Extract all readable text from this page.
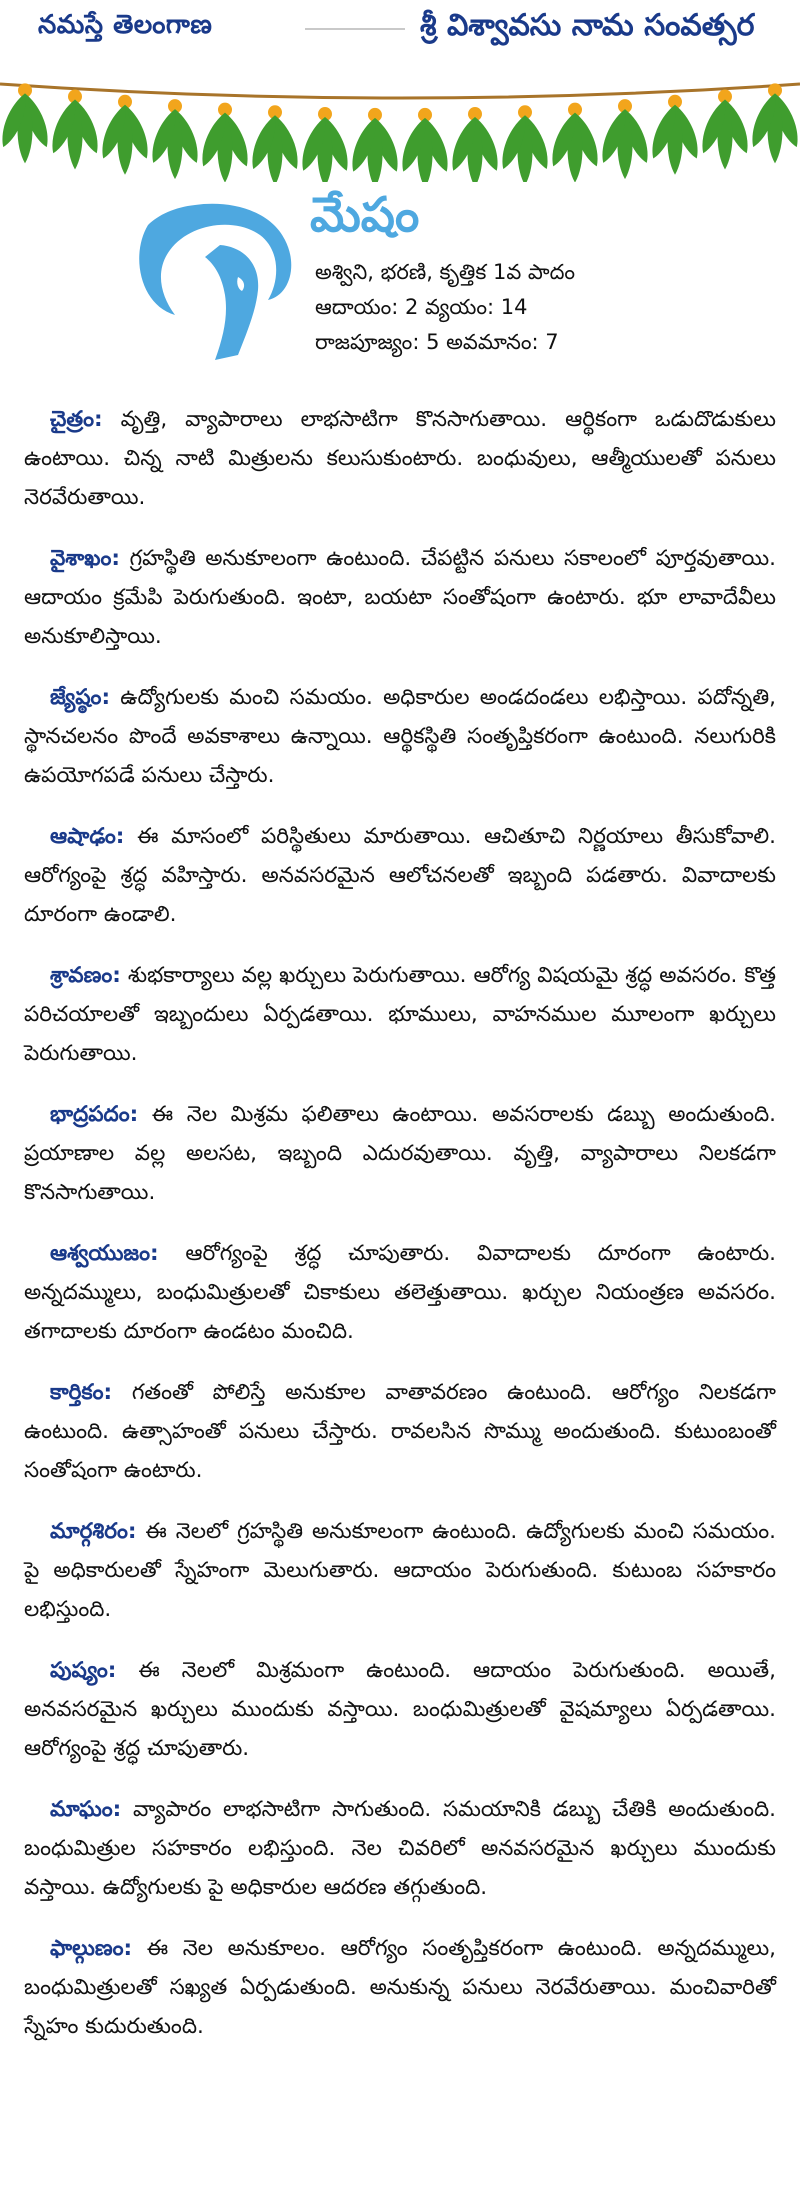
నమస్తే తెలంగాణ	శ్రీ విశ్వావసు నామ సంవత్సర
మేషం
అశ్విని, భరణి, కృత్తిక 1వ పాదం
ఆదాయం: 2 వ్యయం: 14
రాజపూజ్యం: 5 అవమానం: 7

చైత్రం: వృత్తి, వ్యాపారాలు లాభసాటిగా కొనసాగుతాయి. ఆర్థికంగా ఒడుదొడుకులు ఉంటాయి. చిన్న నాటి మిత్రులను కలుసుకుంటారు. బంధువులు, ఆత్మీయులతో పనులు నెరవేరుతాయి.

వైశాఖం: గ్రహస్థితి అనుకూలంగా ఉంటుంది. చేపట్టిన పనులు సకాలంలో పూర్తవుతాయి. ఆదాయం క్రమేపి పెరుగుతుంది. ఇంటా, బయటా సంతోషంగా ఉంటారు. భూ లావాదేవీలు అనుకూలిస్తాయి.

జ్యేష్ఠం: ఉద్యోగులకు మంచి సమయం. అధికారుల అండదండలు లభిస్తాయి. పదోన్నతి, స్థానచలనం పొందే అవకాశాలు ఉన్నాయి. ఆర్థికస్థితి సంతృప్తికరంగా ఉంటుంది. నలుగురికి ఉపయోగపడే పనులు చేస్తారు.

ఆషాఢం: ఈ మాసంలో పరిస్థితులు మారుతాయి. ఆచితూచి నిర్ణయాలు తీసుకోవాలి. ఆరోగ్యంపై శ్రద్ధ వహిస్తారు. అనవసరమైన ఆలోచనలతో ఇబ్బంది పడతారు. వివాదాలకు దూరంగా ఉండాలి.

శ్రావణం: శుభకార్యాలు వల్ల ఖర్చులు పెరుగుతాయి. ఆరోగ్య విషయమై శ్రద్ధ అవసరం. కొత్త పరిచయాలతో ఇబ్బందులు ఏర్పడతాయి. భూములు, వాహనముల మూలంగా ఖర్చులు పెరుగుతాయి.

భాద్రపదం: ఈ నెల మిశ్రమ ఫలితాలు ఉంటాయి. అవసరాలకు డబ్బు అందుతుంది. ప్రయాణాల వల్ల అలసట, ఇబ్బంది ఎదురవుతాయి. వృత్తి, వ్యాపారాలు నిలకడగా కొనసాగుతాయి.

ఆశ్వయుజం: ఆరోగ్యంపై శ్రద్ధ చూపుతారు. వివాదాలకు దూరంగా ఉంటారు. అన్నదమ్ములు, బంధుమిత్రులతో చికాకులు తలెత్తుతాయి. ఖర్చుల నియంత్రణ అవసరం. తగాదాలకు దూరంగా ఉండటం మంచిది.

కార్తికం: గతంతో పోలిస్తే అనుకూల వాతావరణం ఉంటుంది. ఆరోగ్యం నిలకడగా ఉంటుంది. ఉత్సాహంతో పనులు చేస్తారు. రావలసిన సొమ్ము అందుతుంది. కుటుంబంతో సంతోషంగా ఉంటారు.

మార్గశిరం: ఈ నెలలో గ్రహస్థితి అనుకూలంగా ఉంటుంది. ఉద్యోగులకు మంచి సమయం. పై అధికారులతో స్నేహంగా మెలుగుతారు. ఆదాయం పెరుగుతుంది. కుటుంబ సహకారం లభిస్తుంది.

పుష్యం: ఈ నెలలో మిశ్రమంగా ఉంటుంది. ఆదాయం పెరుగుతుంది. అయితే, అనవసరమైన ఖర్చులు ముందుకు వస్తాయి. బంధుమిత్రులతో వైషమ్యాలు ఏర్పడతాయి. ఆరోగ్యంపై శ్రద్ధ చూపుతారు.

మాఘం: వ్యాపారం లాభసాటిగా సాగుతుంది. సమయానికి డబ్బు చేతికి అందుతుంది. బంధుమిత్రుల సహకారం లభిస్తుంది. నెల చివరిలో అనవసరమైన ఖర్చులు ముందుకు వస్తాయి. ఉద్యోగులకు పై అధికారుల ఆదరణ తగ్గుతుంది.

ఫాల్గుణం: ఈ నెల అనుకూలం. ఆరోగ్యం సంతృప్తికరంగా ఉంటుంది. అన్నదమ్ములు, బంధుమిత్రులతో సఖ్యత ఏర్పడుతుంది. అనుకున్న పనులు నెరవేరుతాయి. మంచివారితో స్నేహం కుదురుతుంది.
